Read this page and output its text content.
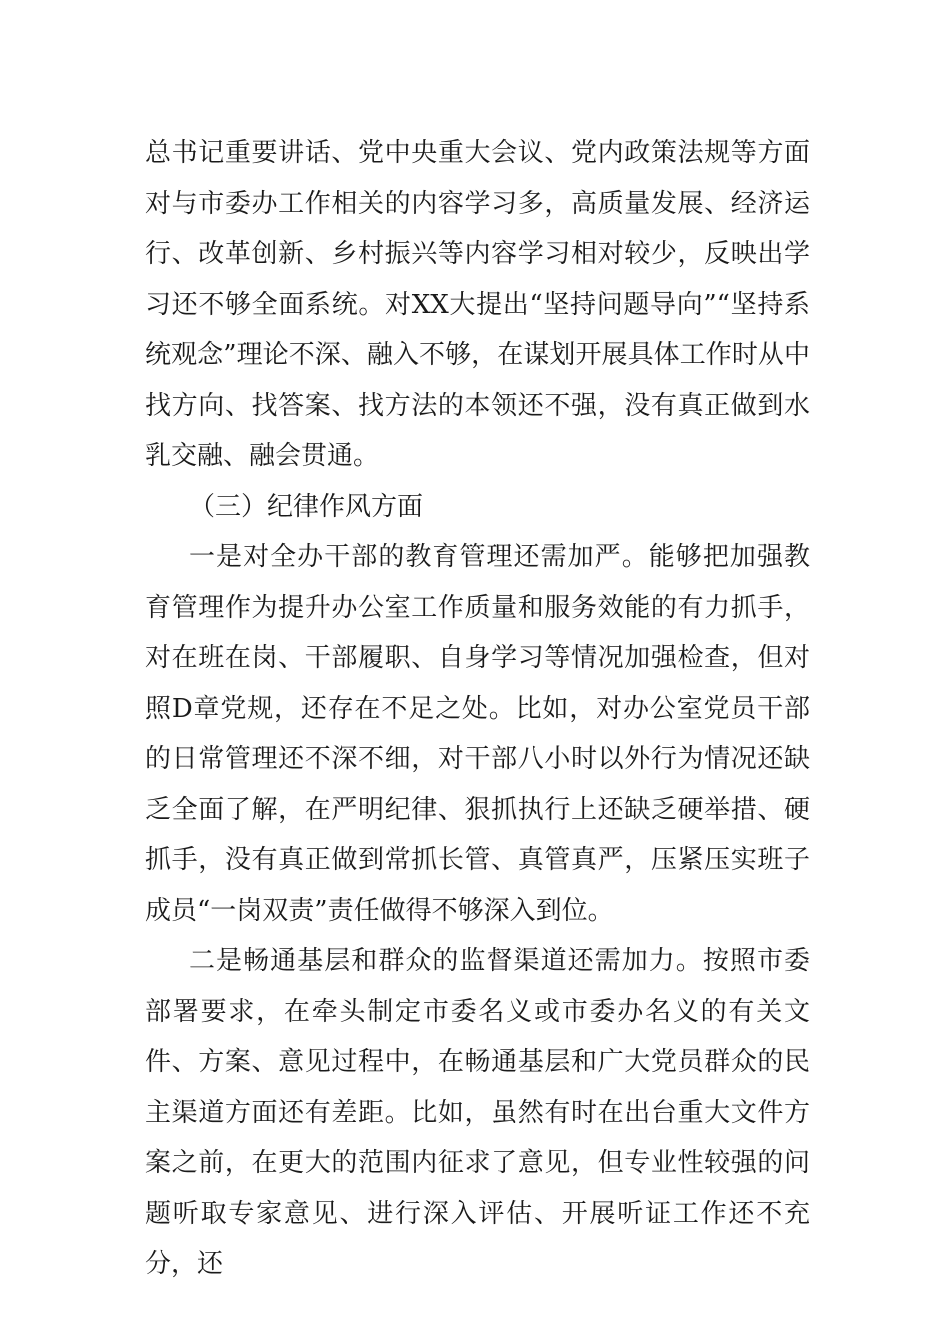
总书记重要讲话、党中央重大会议、党内政策法规等方面对与市委办工作相关的内容学习多，高质量发展、经济运行、改革创新、乡村振兴等内容学习相对较少，反映出学习还不够全面系统。对XX大提出“坚持问题导向”“坚持系统观念”理论不深、融入不够，在谋划开展具体工作时从中找方向、找答案、找方法的本领还不强，没有真正做到水乳交融、融会贯通。

（三）纪律作风方面

一是对全办干部的教育管理还需加严。能够把加强教育管理作为提升办公室工作质量和服务效能的有力抓手，对在班在岗、干部履职、自身学习等情况加强检查，但对照D章党规，还存在不足之处。比如，对办公室党员干部的日常管理还不深不细，对干部八小时以外行为情况还缺乏全面了解，在严明纪律、狠抓执行上还缺乏硬举措、硬抓手，没有真正做到常抓长管、真管真严，压紧压实班子成员“一岗双责”责任做得不够深入到位。

二是畅通基层和群众的监督渠道还需加力。按照市委部署要求，在牵头制定市委名义或市委办名义的有关文件、方案、意见过程中，在畅通基层和广大党员群众的民主渠道方面还有差距。比如，虽然有时在出台重大文件方案之前，在更大的范围内征求了意见，但专业性较强的问题听取专家意见、进行深入评估、开展听证工作还不充分，还
